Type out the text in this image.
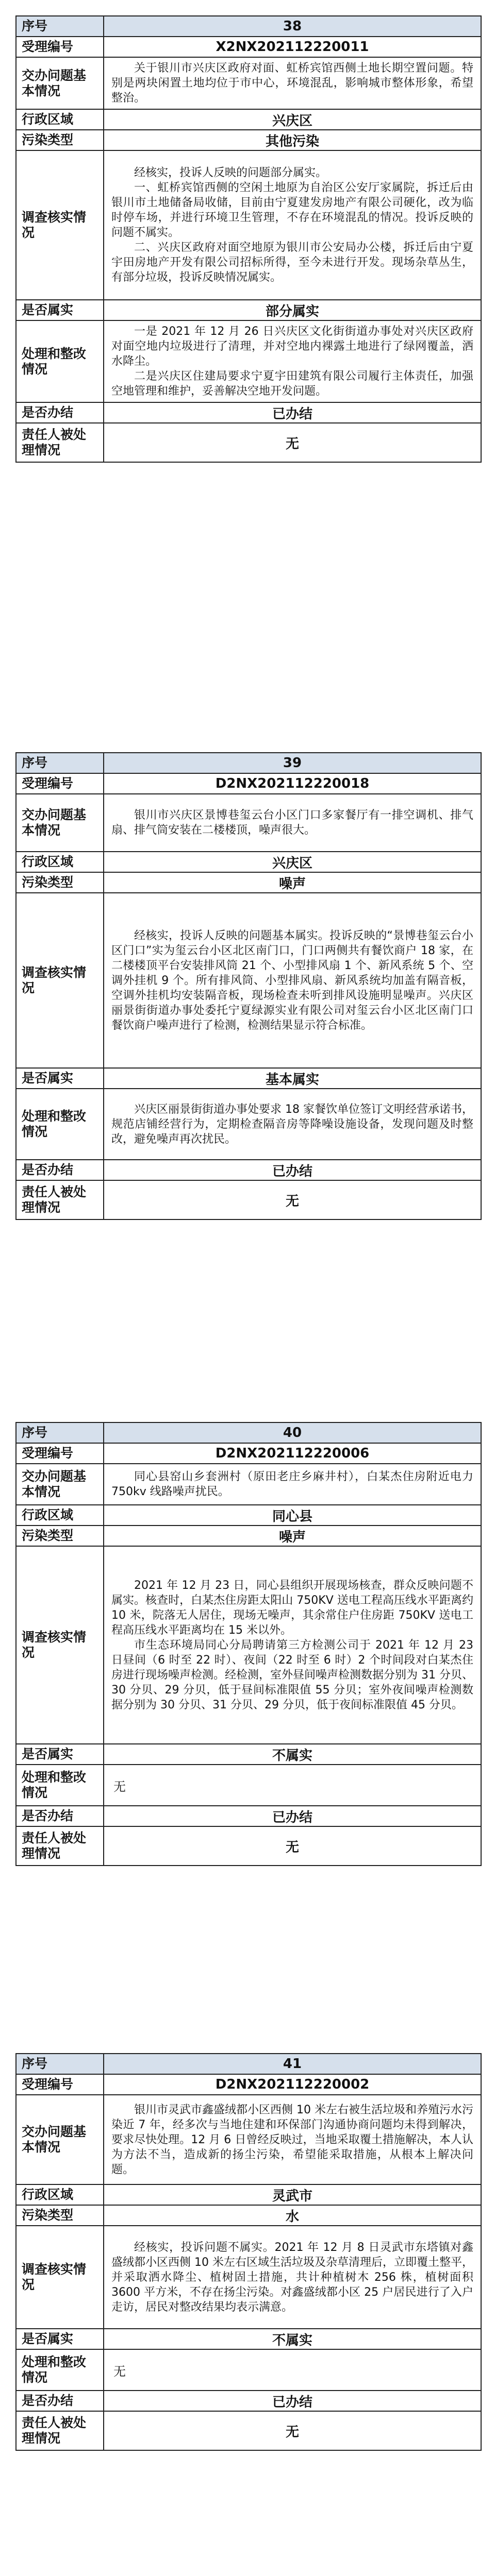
序号	38
受理编号	X2NX202112220011
交办问题基本情况	关于银川市兴庆区政府对面、虹桥宾馆西侧土地长期空置问题。特别是两块闲置土地均位于市中心，环境混乱，影响城市整体形象，希望整治。

行政区域	兴庆区
污染类型	其他污染
调查核实情况	经核实，投诉人反映的问题部分属实。

一、虹桥宾馆西侧的空闲土地原为自治区公安厅家属院，拆迁后由银川市土地储备局收储，目前由宁夏建发房地产有限公司硬化，改为临时停车场，并进行环境卫生管理，不存在环境混乱的情况。投诉反映的问题不属实。

二、兴庆区政府对面空地原为银川市公安局办公楼，拆迁后由宁夏宇田房地产开发有限公司招标所得，至今未进行开发。现场杂草丛生，有部分垃圾，投诉反映情况属实。

是否属实	部分属实
处理和整改情况	一是 2021 年 12 月 26 日兴庆区文化街街道办事处对兴庆区政府对面空地内垃圾进行了清理，并对空地内裸露土地进行了绿网覆盖，洒水降尘。

二是兴庆区住建局要求宁夏宇田建筑有限公司履行主体责任，加强空地管理和维护，妥善解决空地开发问题。

是否办结	已办结
责任人被处理情况	无
序号	39
受理编号	D2NX202112220018
交办问题基本情况	银川市兴庆区景博巷玺云台小区门口多家餐厅有一排空调机、排气扇、排气筒安装在二楼楼顶，噪声很大。

行政区域	兴庆区
污染类型	噪声
调查核实情况	经核实，投诉人反映的问题基本属实。投诉反映的“景博巷玺云台小区门口”实为玺云台小区北区南门口，门口两侧共有餐饮商户 18 家，在二楼楼顶平台安装排风筒 21 个、小型排风扇 1 个、新风系统 5 个、空调外挂机 9 个。所有排风筒、小型排风扇、新风系统均加盖有隔音板，空调外挂机均安装隔音板，现场检查未听到排风设施明显噪声。兴庆区丽景街街道办事处委托宁夏绿源实业有限公司对玺云台小区北区南门口餐饮商户噪声进行了检测，检测结果显示符合标准。

是否属实	基本属实
处理和整改情况	兴庆区丽景街街道办事处要求 18 家餐饮单位签订文明经营承诺书，规范店铺经营行为，定期检查隔音房等降噪设施设备，发现问题及时整改，避免噪声再次扰民。

是否办结	已办结
责任人被处理情况	无
序号	40
受理编号	D2NX202112220006
交办问题基本情况	同心县窑山乡套洲村（原田老庄乡麻井村），白某杰住房附近电力 750kv 线路噪声扰民。

行政区域	同心县
污染类型	噪声
调查核实情况	2021 年 12 月 23 日，同心县组织开展现场核查，群众反映问题不属实。核查时，白某杰住房距太阳山 750KV 送电工程高压线水平距离约 10 米，院落无人居住，现场无噪声，其余常住户住房距 750KV 送电工程高压线水平距离均在 15 米以外。

市生态环境局同心分局聘请第三方检测公司于 2021 年 12 月 23 日昼间（6 时至 22 时）、夜间（22 时至 6 时）2 个时间段对白某杰住房进行现场噪声检测。经检测，室外昼间噪声检测数据分别为 31 分贝、30 分贝、29 分贝，低于昼间标准限值 55 分贝；室外夜间噪声检测数据分别为 30 分贝、31 分贝、29 分贝，低于夜间标准限值 45 分贝。

是否属实	不属实
处理和整改情况	无

是否办结	已办结
责任人被处理情况	无
序号	41
受理编号	D2NX202112220002
交办问题基本情况	银川市灵武市鑫盛绒都小区西侧 10 米左右被生活垃圾和养殖污水污染近 7 年，经多次与当地住建和环保部门沟通协商问题均未得到解决，要求尽快处理。12 月 6 日曾经反映过，当地采取覆土措施解决，本人认为方法不当，造成新的扬尘污染，希望能采取措施，从根本上解决问题。

行政区域	灵武市
污染类型	水
调查核实情况	经核实，投诉问题不属实。2021 年 12 月 8 日灵武市东塔镇对鑫盛绒都小区西侧 10 米左右区域生活垃圾及杂草清理后，立即覆土整平，并采取洒水降尘、植树固土措施，共计种植树木 256 株，植树面积 3600 平方米，不存在扬尘污染。对鑫盛绒都小区 25 户居民进行了入户走访，居民对整改结果均表示满意。

是否属实	不属实
处理和整改情况	无

是否办结	已办结
责任人被处理情况	无
